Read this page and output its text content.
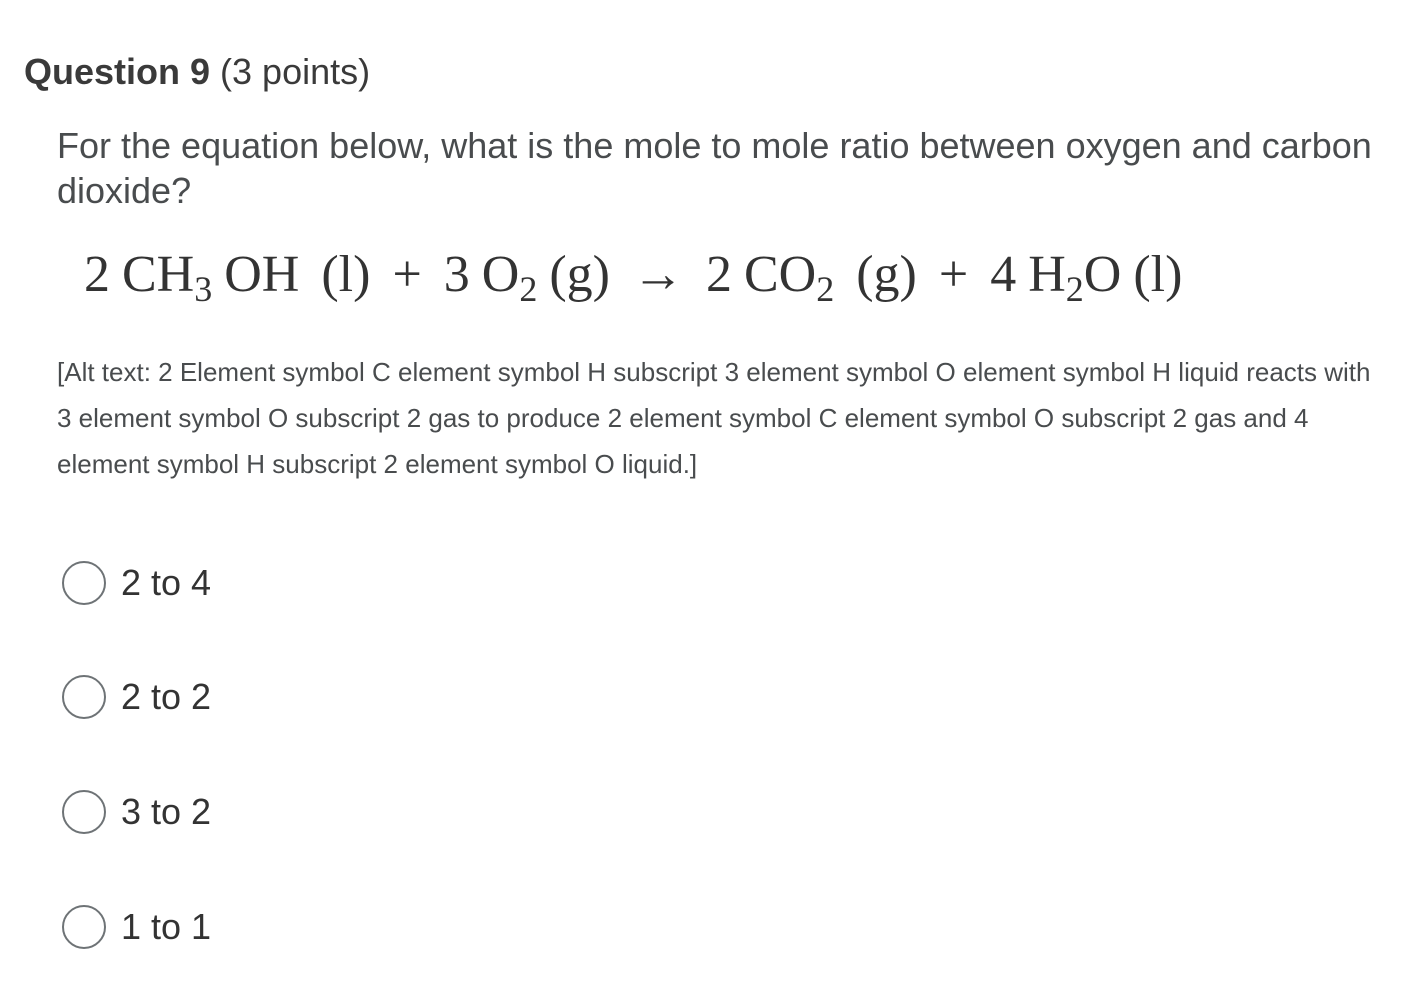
Question 9 (3 points)
For the equation below, what is the mole to mole ratio between oxygen and carbon dioxide?
2 $CH_3$ OH (l) + 3 $O_2$ (g) → 2 $CO_2$ (g) + 4 $H_2O$ (l)
[Alt text: 2 Element symbol C element symbol H subscript 3 element symbol O element symbol H liquid reacts with 3 element symbol O subscript 2 gas to produce 2 element symbol C element symbol O subscript 2 gas and 4 element symbol H subscript 2 element symbol O liquid.]
2 to 4
2 to 2
3 to 2
1 to 1
